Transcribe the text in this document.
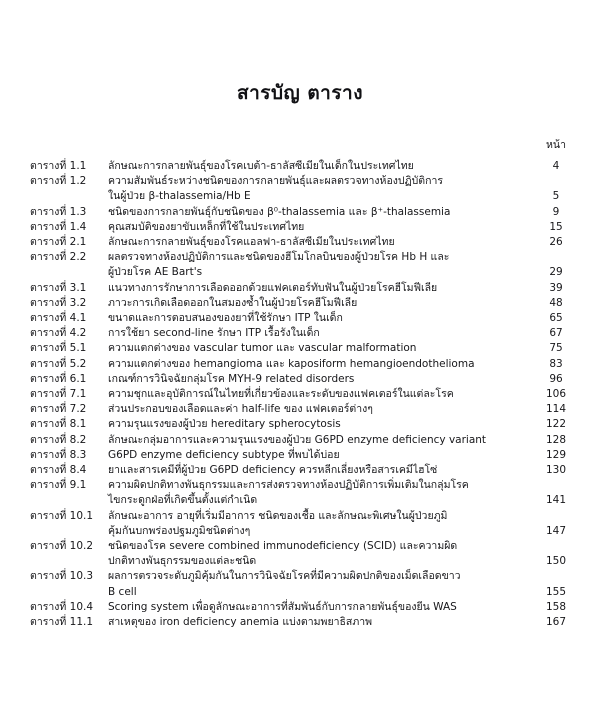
สารบัญ ตาราง
หน้า
ตารางที่ 1.1	ลักษณะการกลายพันธุ์ของโรคเบต้า-ธาลัสซีเมียในเด็กในประเทศไทย	4
ตารางที่ 1.2	ความสัมพันธ์ระหว่างชนิดของการกลายพันธุ์และผลตรวจทางห้องปฏิบัติการ
ในผู้ป่วย β-thalassemia/Hb E	5
ตารางที่ 1.3	ชนิดของการกลายพันธุ์กับชนิดของ β⁰-thalassemia และ β⁺-thalassemia	9
ตารางที่ 1.4	คุณสมบัติของยาขับเหล็กที่ใช้ในประเทศไทย	15
ตารางที่ 2.1	ลักษณะการกลายพันธุ์ของโรคแอลฟา-ธาลัสซีเมียในประเทศไทย	26
ตารางที่ 2.2	ผลตรวจทางห้องปฏิบัติการและชนิดของฮีโมโกลบินของผู้ป่วยโรค Hb H และ
ผู้ป่วยโรค AE Bart's	29
ตารางที่ 3.1	แนวทางการรักษาการเลือดออกด้วยแฟคเตอร์ทับฟันในผู้ป่วยโรคฮีโมฟีเลีย	39
ตารางที่ 3.2	ภาวะการเกิดเลือดออกในสมองซ้ำในผู้ป่วยโรคฮีโมฟีเลีย	48
ตารางที่ 4.1	ขนาดและการตอบสนองของยาที่ใช้รักษา ITP ในเด็ก	65
ตารางที่ 4.2	การใช้ยา second-line รักษา ITP เรื้อรังในเด็ก	67
ตารางที่ 5.1	ความแตกต่างของ vascular tumor และ vascular malformation	75
ตารางที่ 5.2	ความแตกต่างของ hemangioma และ kaposiform hemangioendothelioma	83
ตารางที่ 6.1	เกณฑ์การวินิจฉัยกลุ่มโรค MYH-9 related disorders	96
ตารางที่ 7.1	ความชุกและอุบัติการณ์ในไทยที่เกี่ยวข้องและระดับของแฟคเตอร์ในแต่ละโรค	106
ตารางที่ 7.2	ส่วนประกอบของเลือดและค่า half-life ของ แฟคเตอร์ต่างๆ	114
ตารางที่ 8.1	ความรุนแรงของผู้ป่วย hereditary spherocytosis	122
ตารางที่ 8.2	ลักษณะกลุ่มอาการและความรุนแรงของผู้ป่วย G6PD enzyme deficiency variant	128
ตารางที่ 8.3	G6PD enzyme deficiency subtype ที่พบได้บ่อย	129
ตารางที่ 8.4	ยาและสารเคมีที่ผู้ป่วย G6PD deficiency ควรหลีกเลี่ยงหรือสารเคมีไฮโซ่	130
ตารางที่ 9.1	ความผิดปกติทางพันธุกรรมและการส่งตรวจทางห้องปฏิบัติการเพิ่มเติมในกลุ่มโรค
ไขกระดูกฝ่อที่เกิดขึ้นตั้งแต่กำเนิด	141
ตารางที่ 10.1	ลักษณะอาการ อายุที่เริ่มมีอาการ ชนิดของเชื้อ และลักษณะพิเศษในผู้ป่วยภูมิ
คุ้มกันบกพร่องปฐมภูมิชนิดต่างๆ	147
ตารางที่ 10.2	ชนิดของโรค severe combined immunodeficiency (SCID) และความผิด
ปกติทางพันธุกรรมของแต่ละชนิด	150
ตารางที่ 10.3	ผลการตรวจระดับภูมิคุ้มกันในการวินิจฉัยโรคที่มีความผิดปกติของเม็ดเลือดขาว
B cell	155
ตารางที่ 10.4	Scoring system เพื่อดูลักษณะอาการที่สัมพันธ์กับการกลายพันธุ์ของยีน WAS	158
ตารางที่ 11.1	สาเหตุของ iron deficiency anemia แบ่งตามพยาธิสภาพ	167
